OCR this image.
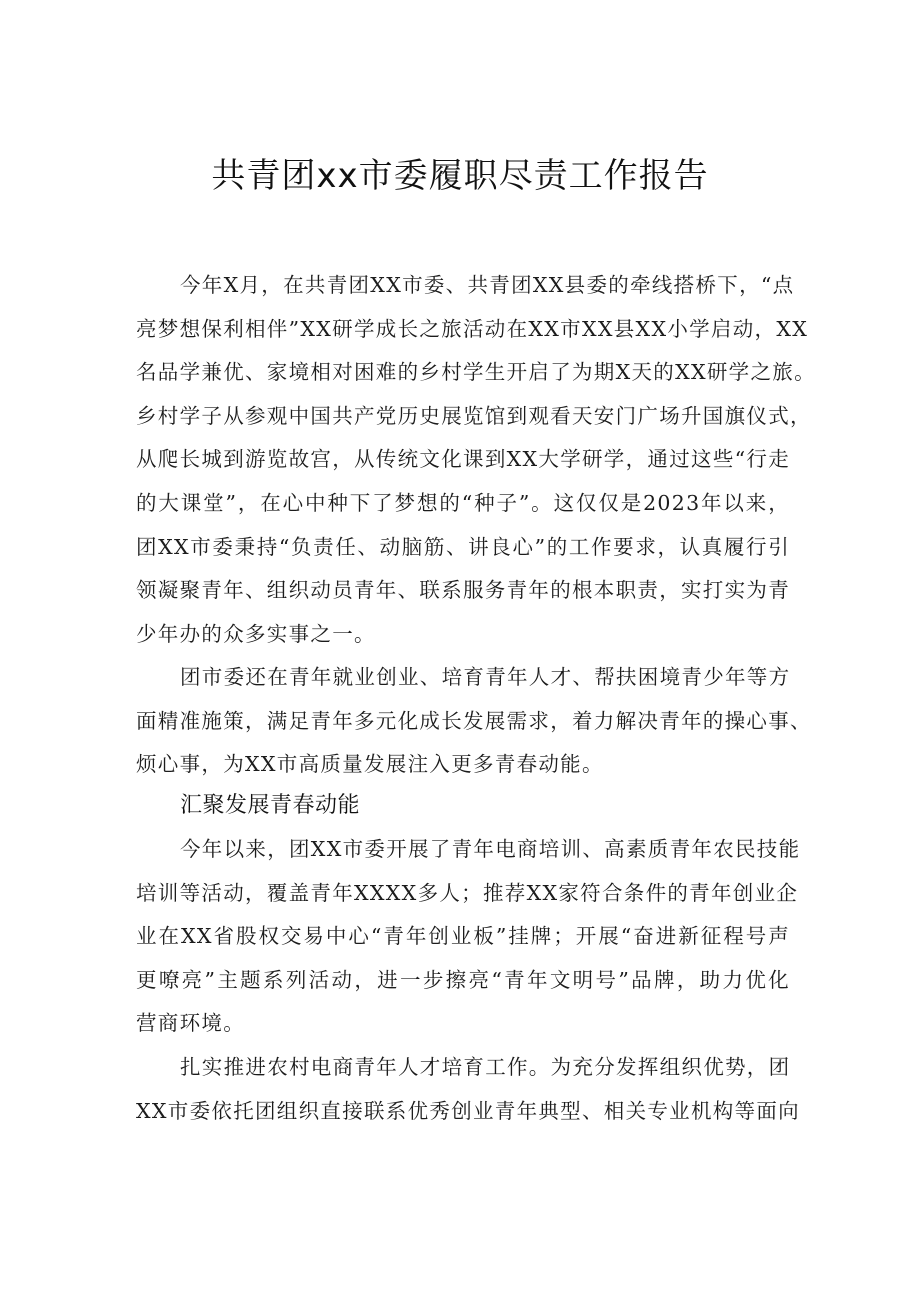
共青团xx市委履职尽责工作报告
今年X月，在共青团XX市委、共青团XX县委的牵线搭桥下，“点
亮梦想保利相伴”XX研学成长之旅活动在XX市XX县XX小学启动，XX
名品学兼优、家境相对困难的乡村学生开启了为期X天的XX研学之旅。
乡村学子从参观中国共产党历史展览馆到观看天安门广场升国旗仪式，
从爬长城到游览故宫，从传统文化课到XX大学研学，通过这些“行走
的大课堂”，在心中种下了梦想的“种子”。这仅仅是2023年以来，
团XX市委秉持“负责任、动脑筋、讲良心”的工作要求，认真履行引
领凝聚青年、组织动员青年、联系服务青年的根本职责，实打实为青
少年办的众多实事之一。
团市委还在青年就业创业、培育青年人才、帮扶困境青少年等方
面精准施策，满足青年多元化成长发展需求，着力解决青年的操心事、
烦心事，为XX市高质量发展注入更多青春动能。
汇聚发展青春动能
今年以来，团XX市委开展了青年电商培训、高素质青年农民技能
培训等活动，覆盖青年XXXX多人；推荐XX家符合条件的青年创业企
业在XX省股权交易中心“青年创业板”挂牌；开展“奋进新征程号声
更嘹亮”主题系列活动，进一步擦亮“青年文明号”品牌，助力优化
营商环境。
扎实推进农村电商青年人才培育工作。为充分发挥组织优势，团
XX市委依托团组织直接联系优秀创业青年典型、相关专业机构等面向
